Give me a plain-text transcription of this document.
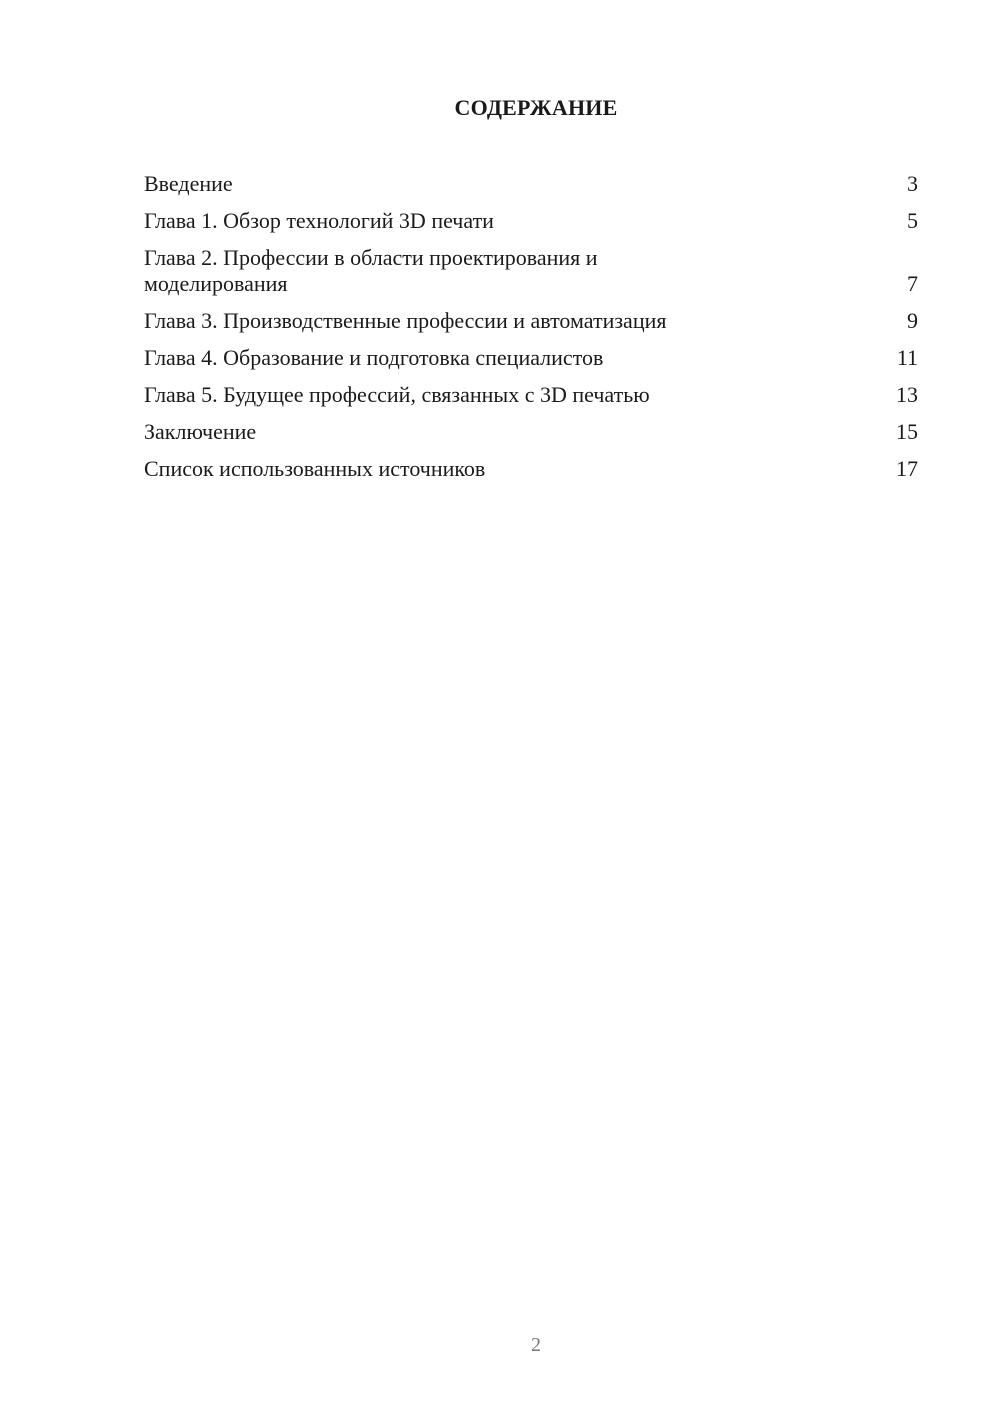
СОДЕРЖАНИЕ
Введение	3
Глава 1. Обзор технологий 3D печати	5
Глава 2. Профессии в области проектирования и моделирования	7
Глава 3. Производственные профессии и автоматизация	9
Глава 4. Образование и подготовка специалистов	11
Глава 5. Будущее профессий, связанных с 3D печатью	13
Заключение	15
Список использованных источников	17
2
